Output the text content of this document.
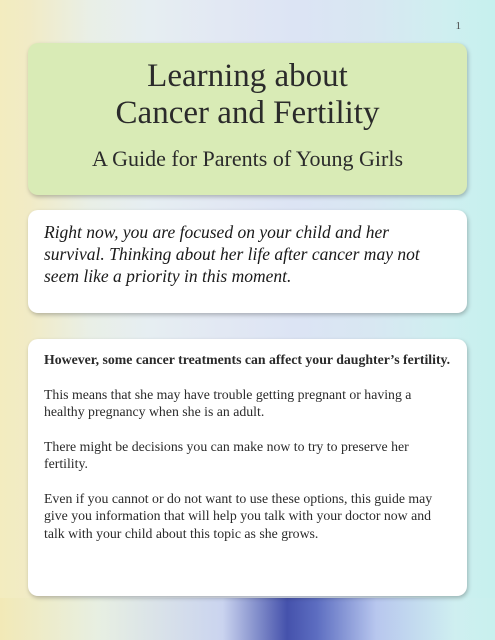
1
Learning about
Cancer and Fertility
A Guide for Parents of Young Girls

Right now, you are focused on your child and her survival. Thinking about her life after cancer may not seem like a priority in this moment.

However, some cancer treatments can affect your daughter’s fertility.

This means that she may have trouble getting pregnant or having a healthy pregnancy when she is an adult.

There might be decisions you can make now to try to preserve her fertility.

Even if you cannot or do not want to use these options, this guide may give you information that will help you talk with your doctor now and talk with your child about this topic as she grows.
